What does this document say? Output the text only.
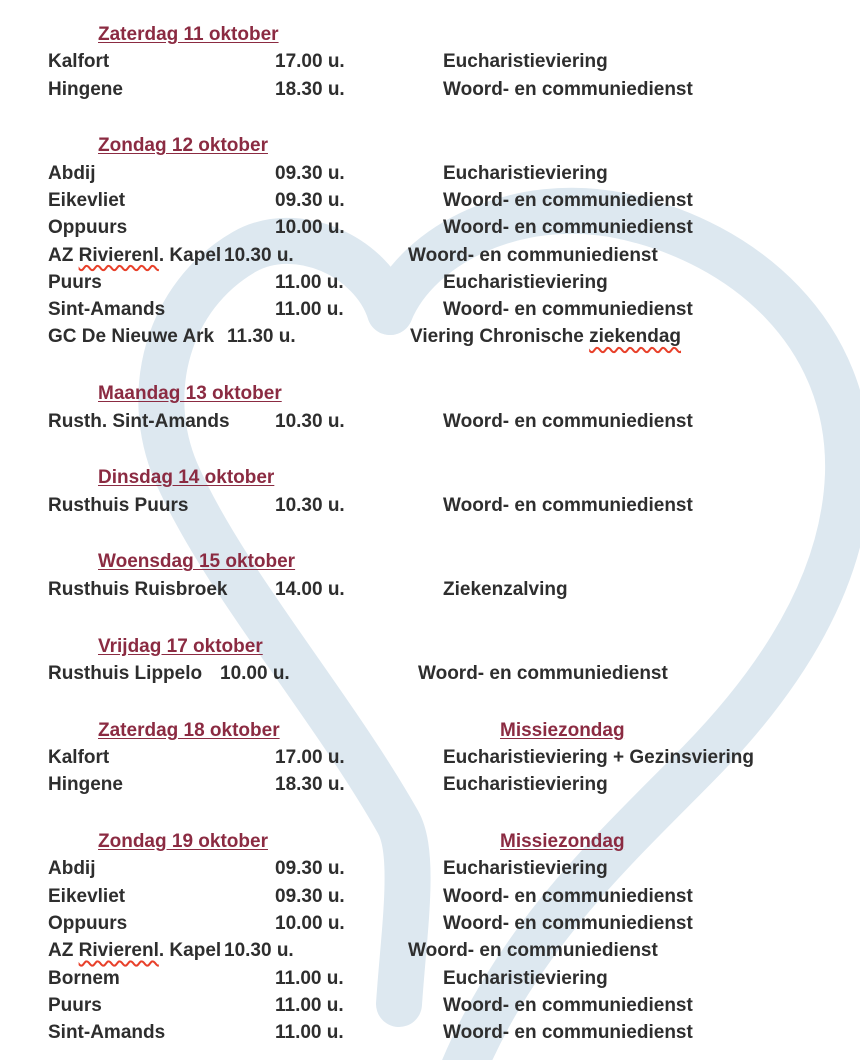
Zaterdag 11 oktober
Kalfort	17.00 u.	Eucharistieviering
Hingene	18.30 u.	Woord- en communiedienst
Zondag 12 oktober
Abdij	09.30 u.	Eucharistieviering
Eikevliet	09.30 u.	Woord- en communiedienst
Oppuurs	10.00 u.	Woord- en communiedienst
AZ Rivierenl. Kapel 10.30 u.	Woord- en communiedienst
Puurs	11.00 u.	Eucharistieviering
Sint-Amands	11.00 u.	Woord- en communiedienst
GC De Nieuwe Ark 11.30 u.	Viering Chronische ziekendag
Maandag 13 oktober
Rusth. Sint-Amands 10.30 u.	Woord- en communiedienst
Dinsdag 14 oktober
Rusthuis Puurs	10.30 u.	Woord- en communiedienst
Woensdag 15 oktober
Rusthuis Ruisbroek	14.00 u.	Ziekenzalving
Vrijdag 17 oktober
Rusthuis Lippelo 10.00 u.	Woord- en communiedienst
Zaterdag 18 oktober	Missiezondag
Kalfort	17.00 u.	Eucharistieviering + Gezinsviering
Hingene	18.30 u.	Eucharistieviering
Zondag 19 oktober	Missiezondag
Abdij	09.30 u.	Eucharistieviering
Eikevliet	09.30 u.	Woord- en communiedienst
Oppuurs	10.00 u.	Woord- en communiedienst
AZ Rivierenl. Kapel 10.30 u.	Woord- en communiedienst
Bornem	11.00 u.	Eucharistieviering
Puurs	11.00 u.	Woord- en communiedienst
Sint-Amands	11.00 u.	Woord- en communiedienst
